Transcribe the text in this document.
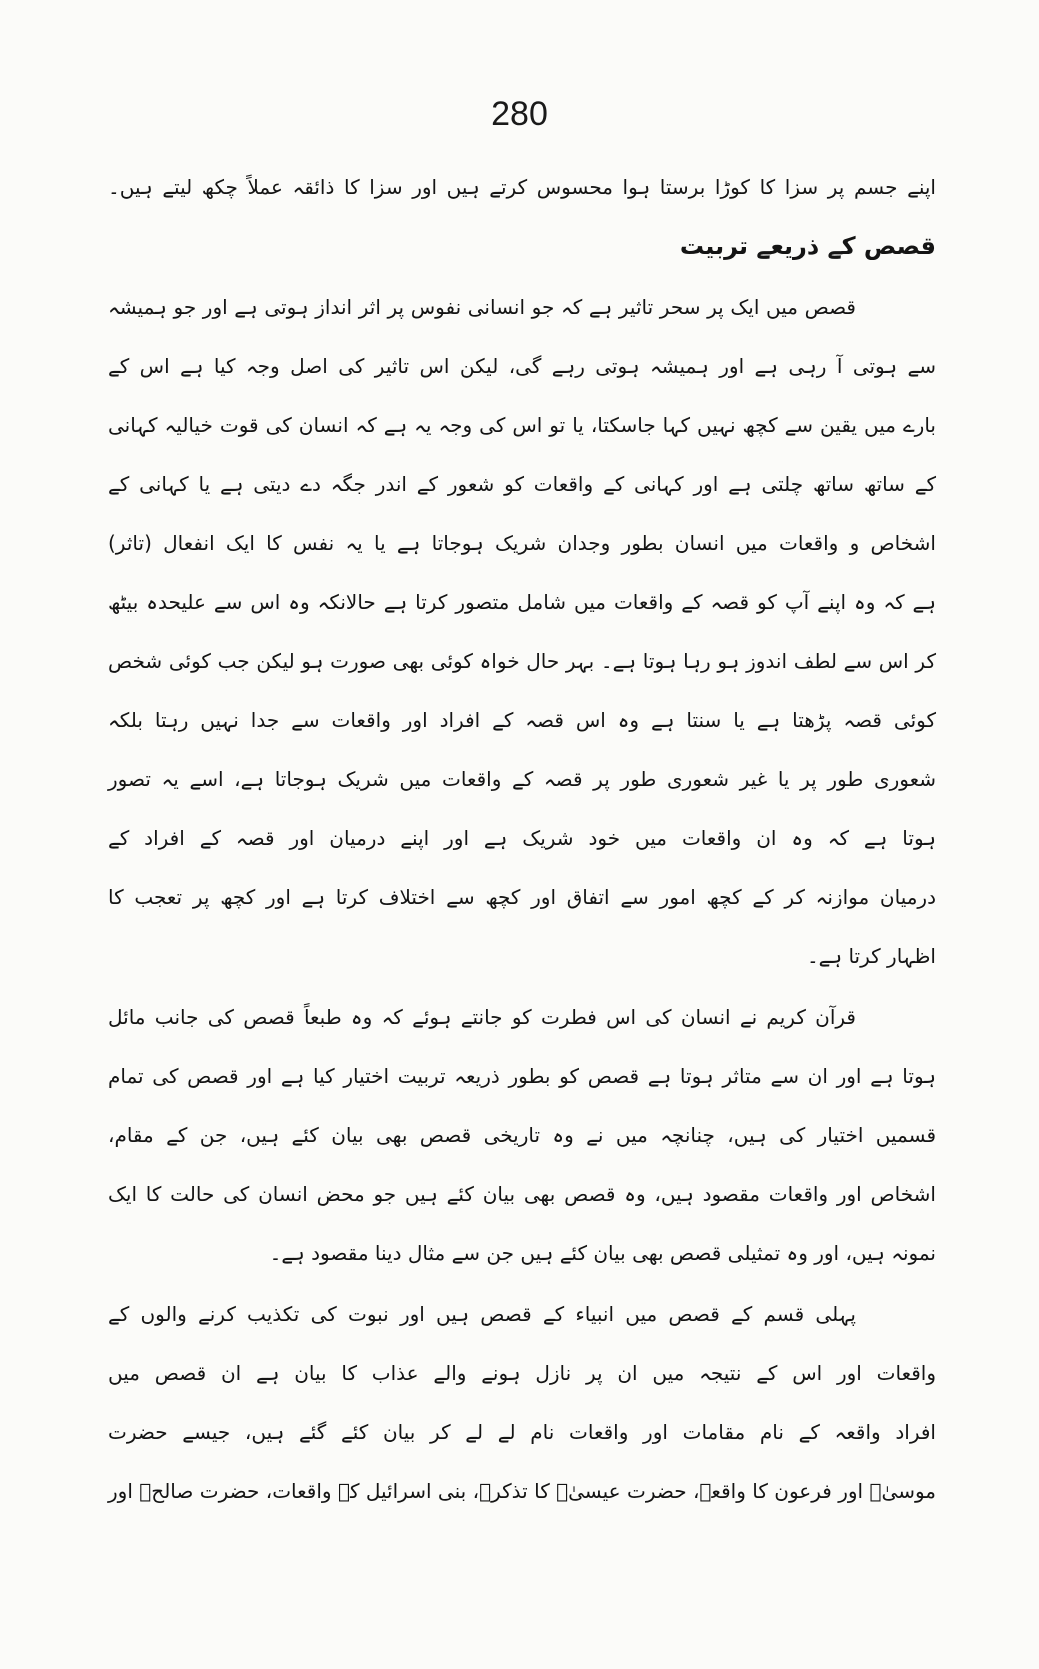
280
اپنے جسم پر سزا کا کوڑا برستا ہوا محسوس کرتے ہیں اور سزا کا ذائقہ عملاً چکھ لیتے ہیں۔
قصص کے ذریعے تربیت
قصص میں ایک پر سحر تاثیر ہے کہ جو انسانی نفوس پر اثر انداز ہوتی ہے اور جو ہمیشہ
سے ہوتی آ رہی ہے اور ہمیشہ ہوتی رہے گی، لیکن اس تاثیر کی اصل وجہ کیا ہے اس کے
بارے میں یقین سے کچھ نہیں کہا جاسکتا، یا تو اس کی وجہ یہ ہے کہ انسان کی قوت خیالیہ کہانی
کے ساتھ ساتھ چلتی ہے اور کہانی کے واقعات کو شعور کے اندر جگہ دے دیتی ہے یا کہانی کے
اشخاص و واقعات میں انسان بطور وجدان شریک ہوجاتا ہے یا یہ نفس کا ایک انفعال (تاثر)
ہے کہ وہ اپنے آپ کو قصہ کے واقعات میں شامل متصور کرتا ہے حالانکہ وہ اس سے علیحدہ بیٹھ
کر اس سے لطف اندوز ہو رہا ہوتا ہے۔ بہر حال خواہ کوئی بھی صورت ہو لیکن جب کوئی شخص
کوئی قصہ پڑھتا ہے یا سنتا ہے وہ اس قصہ کے افراد اور واقعات سے جدا نہیں رہتا بلکہ
شعوری طور پر یا غیر شعوری طور پر قصہ کے واقعات میں شریک ہوجاتا ہے، اسے یہ تصور
ہوتا ہے کہ وہ ان واقعات میں خود شریک ہے اور اپنے درمیان اور قصہ کے افراد کے
درمیان موازنہ کر کے کچھ امور سے اتفاق اور کچھ سے اختلاف کرتا ہے اور کچھ پر تعجب کا
اظہار کرتا ہے۔
قرآن کریم نے انسان کی اس فطرت کو جانتے ہوئے کہ وہ طبعاً قصص کی جانب مائل
ہوتا ہے اور ان سے متاثر ہوتا ہے قصص کو بطور ذریعہ تربیت اختیار کیا ہے اور قصص کی تمام
قسمیں اختیار کی ہیں، چنانچہ میں نے وہ تاریخی قصص بھی بیان کئے ہیں، جن کے مقام،
اشخاص اور واقعات مقصود ہیں، وہ قصص بھی بیان کئے ہیں جو محض انسان کی حالت کا ایک
نمونہ ہیں، اور وہ تمثیلی قصص بھی بیان کئے ہیں جن سے مثال دینا مقصود ہے۔
پہلی قسم کے قصص میں انبیاء کے قصص ہیں اور نبوت کی تکذیب کرنے والوں کے
واقعات اور اس کے نتیجہ میں ان پر نازل ہونے والے عذاب کا بیان ہے ان قصص میں
افراد واقعہ کے نام مقامات اور واقعات نام لے لے کر بیان کئے گئے ہیں، جیسے حضرت
موسیٰؑ اور فرعون کا واقعہ، حضرت عیسیٰؑ کا تذکرہ، بنی اسرائیل کے واقعات، حضرت صالحؑ اور
